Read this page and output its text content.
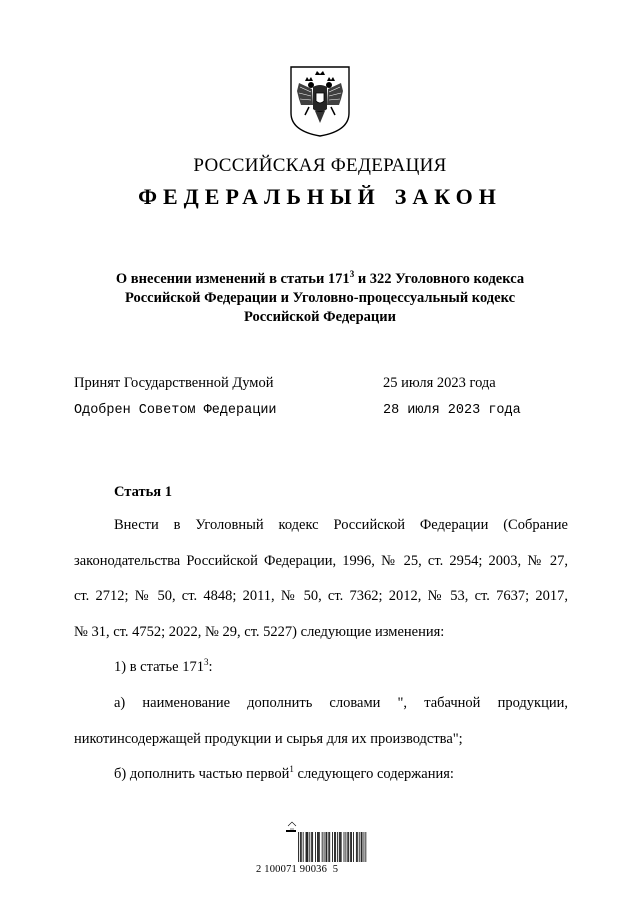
РОССИЙСКАЯ ФЕДЕРАЦИЯ
ФЕДЕРАЛЬНЫЙ ЗАКОН
О внесении изменений в статьи $171^3$ и 322 Уголовного кодекса
Российской Федерации и Уголовно-процессуальный кодекс
Российской Федерации
Принят Государственной Думой	25 июля 2023 года
Одобрен Советом Федерации	28 июля 2023 года
Статья 1
Внести в Уголовный кодекс Российской Федерации (Собрание
законодательства Российской Федерации, 1996, № 25, ст. 2954; 2003, № 27,
ст. 2712; № 50, ст. 4848; 2011, № 50, ст. 7362; 2012, № 53, ст. 7637; 2017,
№ 31, ст. 4752; 2022, № 29, ст. 5227) следующие изменения:
1) в статье $171^3$:
а) наименование дополнить словами ", табачной продукции,
никотинсодержащей продукции и сырья для их производства";
б) дополнить частью первой$^1$ следующего содержания:
2 100071 90036  5
